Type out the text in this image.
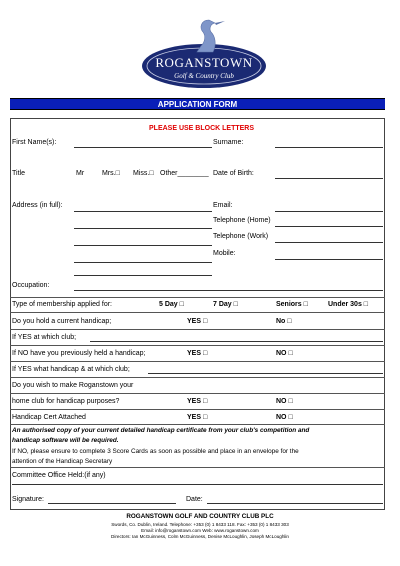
ROGANSTOWN
Golf & Country Club
APPLICATION FORM
PLEASE USE BLOCK LETTERS
First Name(s):	Surname:
Title	Mr	Mrs.□ Miss.□ Other________ Date of Birth:
Address (in full):	Email:
Telephone (Home)
Telephone (Work)
Mobile:
Occupation:
Type of membership applied for:	5 Day □	7 Day □	Seniors □	Under 30s □
Do you hold a current handicap;	YES □	No □
If YES at which club;
If NO have you previously held a handicap;	YES □	NO □
If YES what handicap & at which club;
Do you wish to make Roganstown your
home club for handicap purposes?	YES □	NO □
Handicap Cert Attached	YES □	NO □
An authorised copy of your current detailed handicap certificate from your club's competition and
handicap software will be required.
If NO, please ensure to complete 3 Score Cards as soon as possible and place in an envelope for the
attention of the Handicap Secretary
Committee Office Held:(if any)
Signature:	Date:
ROGANSTOWN GOLF AND COUNTRY CLUB PLC
Swords, Co. Dublin, Ireland. Telephone: +353 (0) 1 8433 118. Fax: +353 (0) 1 8433 303
Email: info@roganstown.com Web: www.roganstown.com
Directors: Ian McGuinness, Colm McGuinness, Denise McLoughlin, Joseph McLoughlin
